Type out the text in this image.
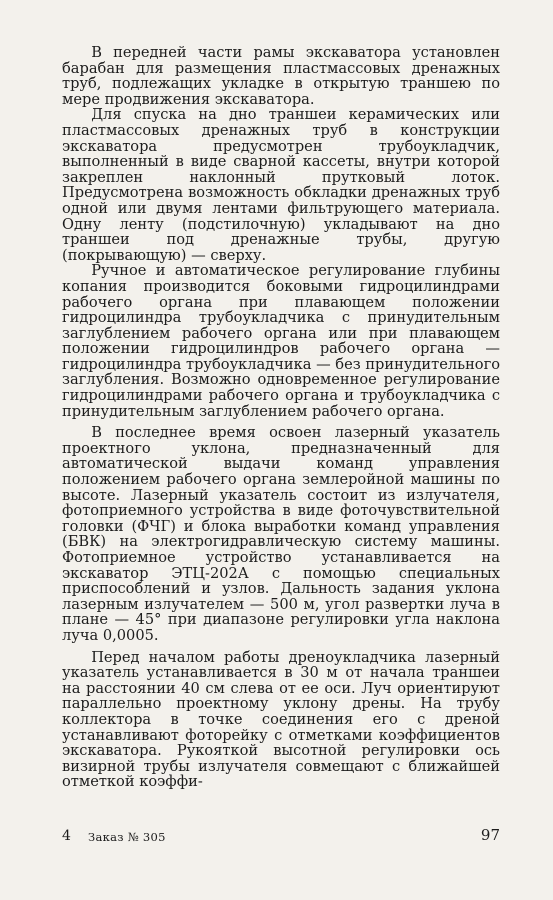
В передней части рамы экскаватора установлен барабан для размещения пластмассовых дренажных труб, подлежащих укладке в открытую траншею по мере продвижения экскаватора.

Для спуска на дно траншеи керамических или пластмассовых дренажных труб в конструкции экскаватора предусмотрен трубоукладчик, выполненный в виде сварной кассеты, внутри которой закреплен наклонный прутковый лоток. Предусмотрена возможность обкладки дренажных труб одной или двумя лентами фильтрующего материала. Одну ленту (подстилочную) укладывают на дно траншеи под дренажные трубы, другую (покрывающую) — сверху.

Ручное и автоматическое регулирование глубины копания производится боковыми гидроцилиндрами рабочего органа при плавающем положении гидроцилиндра трубоукладчика с принудительным заглублением рабочего органа или при плавающем положении гидроцилиндров рабочего органа — гидроцилиндра трубоукладчика — без принудительного заглубления. Возможно одновременное регулирование гидроцилиндрами рабочего органа и трубоукладчика с принудительным заглублением рабочего органа.

В последнее время освоен лазерный указатель проектного уклона, предназначенный для автоматической выдачи команд управления положением рабочего органа землеройной машины по высоте. Лазерный указатель состоит из излучателя, фотоприемного устройства в виде фоточувствительной головки (ФЧГ) и блока выработки команд управления (БВК) на электрогидравлическую систему машины. Фотоприемное устройство устанавливается на экскаватор ЭТЦ-202А с помощью специальных приспособлений и узлов. Дальность задания уклона лазерным излучателем — 500 м, угол развертки луча в плане — 45° при диапазоне регулировки угла наклона луча 0,0005.

Перед началом работы дреноукладчика лазерный указатель устанавливается в 30 м от начала траншеи на расстоянии 40 см слева от ее оси. Луч ориентируют параллельно проектному уклону дрены. На трубу коллектора в точке соединения его с дреной устанавливают фоторейку с отметками коэффициентов экскаватора. Рукояткой высотной регулировки ось визирной трубы излучателя совмещают с ближайшей отметкой коэффи-

4 Заказ № 305	97
